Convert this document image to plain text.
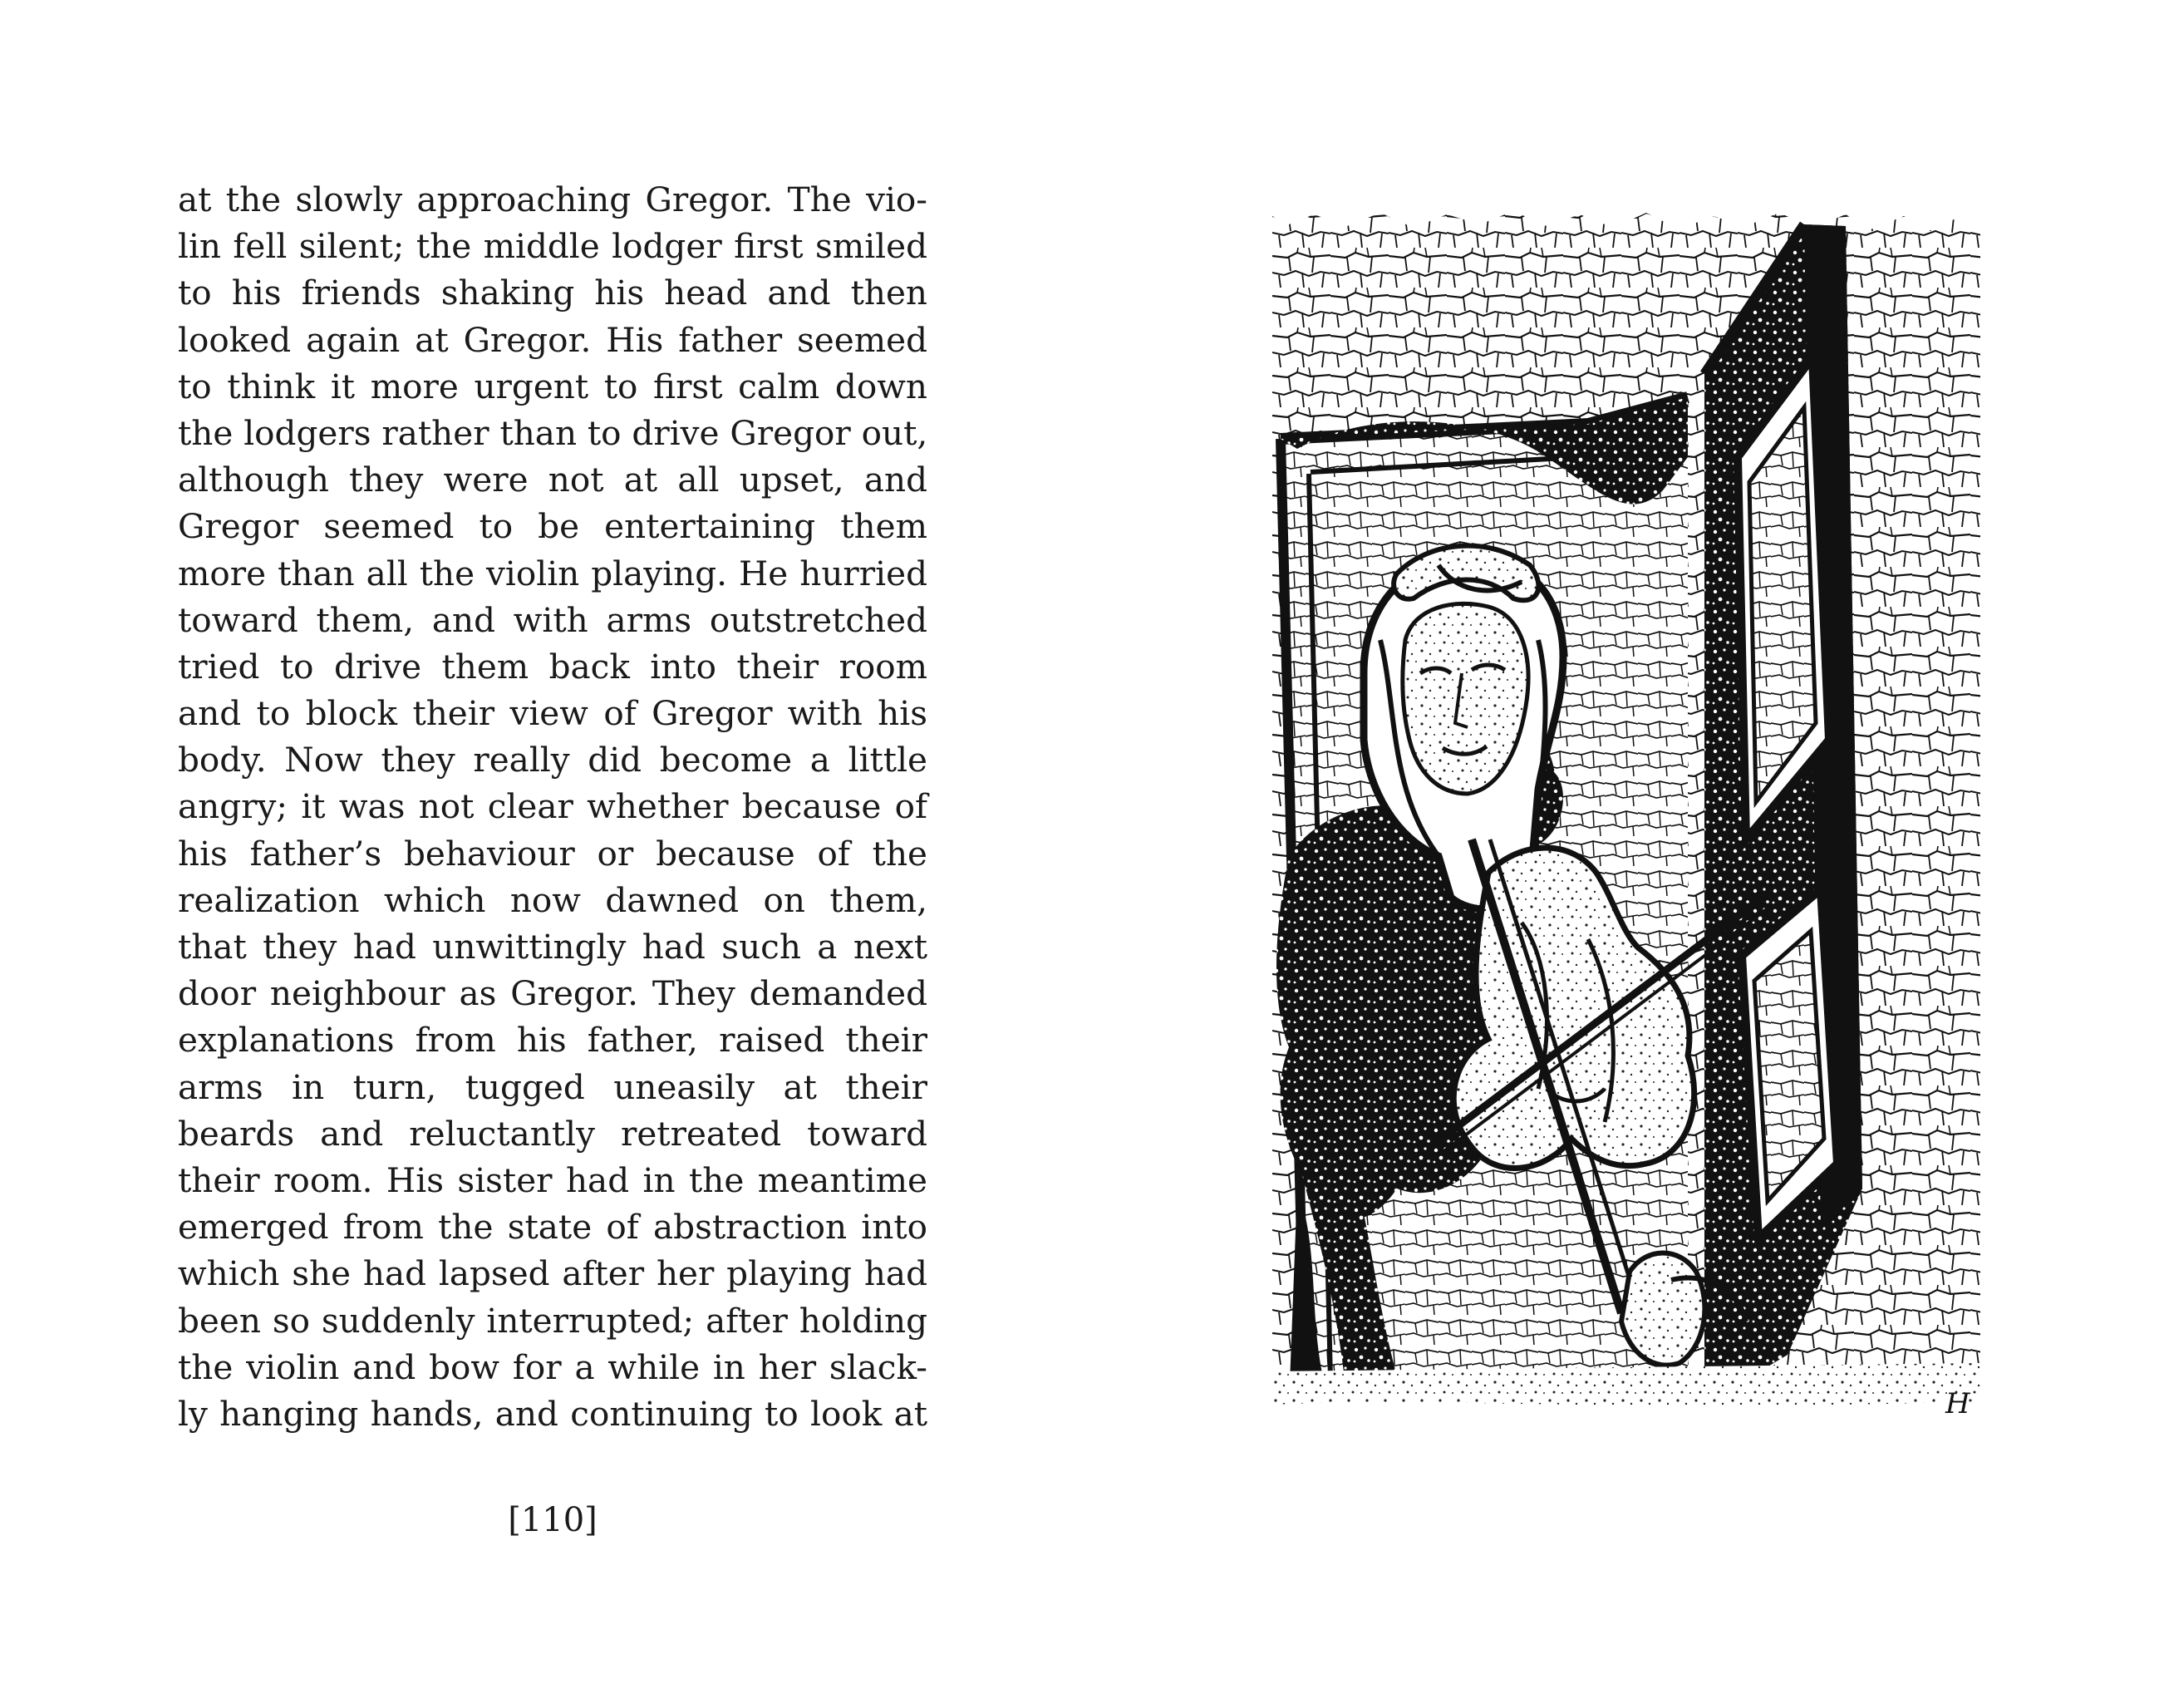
at the slowly approaching Gregor. The vio-
lin fell silent; the middle lodger first smiled
to his friends shaking his head and then
looked again at Gregor. His father seemed
to think it more urgent to first calm down
the lodgers rather than to drive Gregor out,
although they were not at all upset, and
Gregor seemed to be entertaining them
more than all the violin playing. He hurried
toward them, and with arms outstretched
tried to drive them back into their room
and to block their view of Gregor with his
body. Now they really did become a little
angry; it was not clear whether because of
his father’s behaviour or because of the
realization which now dawned on them,
that they had unwittingly had such a next
door neighbour as Gregor. They demanded
explanations from his father, raised their
arms in turn, tugged uneasily at their
beards and reluctantly retreated toward
their room. His sister had in the meantime
emerged from the state of abstraction into
which she had lapsed after her playing had
been so suddenly interrupted; after holding
the violin and bow for a while in her slack-
ly hanging hands, and continuing to look at
[110]
H
